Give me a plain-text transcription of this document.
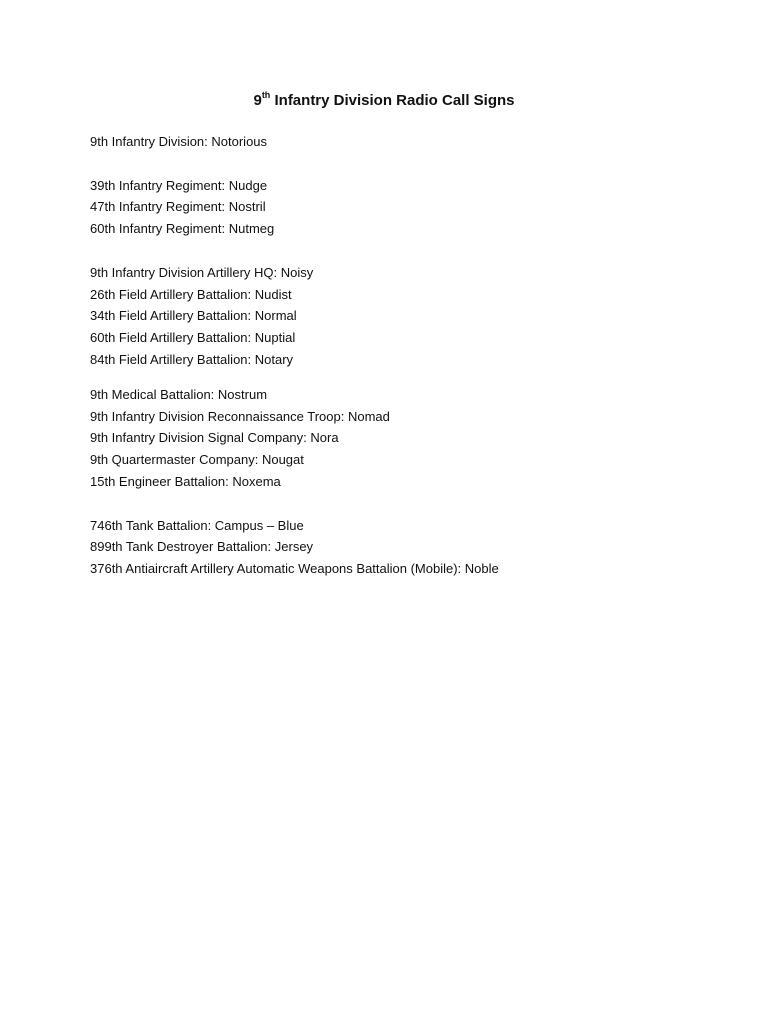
9th Infantry Division Radio Call Signs
9th Infantry Division: Notorious
39th Infantry Regiment: Nudge
47th Infantry Regiment: Nostril
60th Infantry Regiment: Nutmeg
9th Infantry Division Artillery HQ: Noisy
26th Field Artillery Battalion: Nudist
34th Field Artillery Battalion: Normal
60th Field Artillery Battalion: Nuptial
84th Field Artillery Battalion: Notary
9th Medical Battalion: Nostrum
9th Infantry Division Reconnaissance Troop: Nomad
9th Infantry Division Signal Company: Nora
9th Quartermaster Company: Nougat
15th Engineer Battalion: Noxema
746th Tank Battalion: Campus – Blue
899th Tank Destroyer Battalion: Jersey
376th Antiaircraft Artillery Automatic Weapons Battalion (Mobile): Noble
